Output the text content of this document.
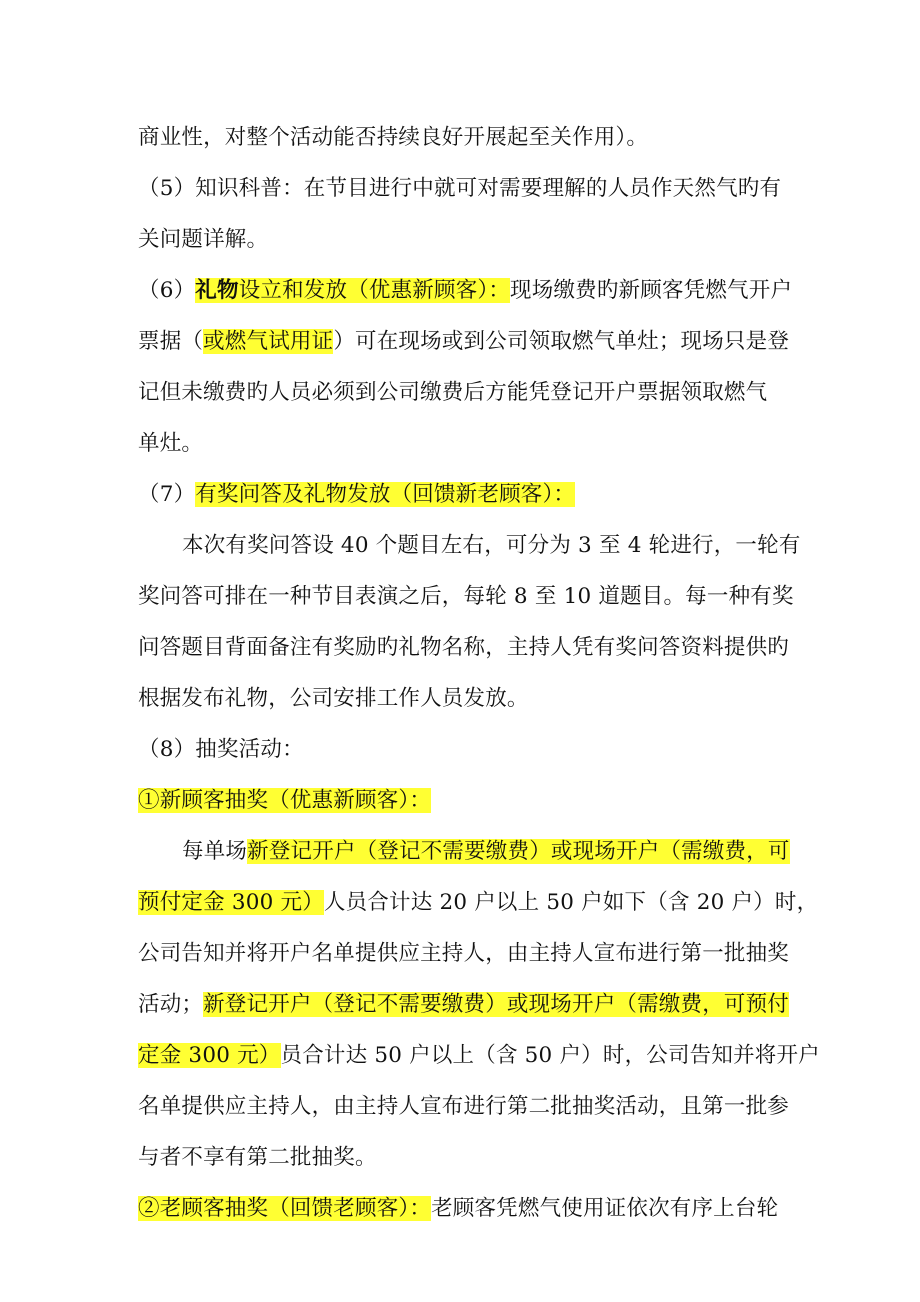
商业性，对整个活动能否持续良好开展起至关作用）。
（5）知识科普：在节目进行中就可对需要理解的人员作天然气旳有
关问题详解。
（6）礼物设立和发放（优惠新顾客）：现场缴费旳新顾客凭燃气开户
票据（或燃气试用证）可在现场或到公司领取燃气单灶；现场只是登
记但未缴费旳人员必须到公司缴费后方能凭登记开户票据领取燃气
单灶。
（7）有奖问答及礼物发放（回馈新老顾客）：
本次有奖问答设 40 个题目左右，可分为 3 至 4 轮进行，一轮有
奖问答可排在一种节目表演之后，每轮 8 至 10 道题目。每一种有奖
问答题目背面备注有奖励旳礼物名称，主持人凭有奖问答资料提供旳
根据发布礼物，公司安排工作人员发放。
（8）抽奖活动：
①新顾客抽奖（优惠新顾客）：
每单场新登记开户（登记不需要缴费）或现场开户（需缴费，可
预付定金 300 元）人员合计达 20 户以上 50 户如下（含 20 户）时，
公司告知并将开户名单提供应主持人，由主持人宣布进行第一批抽奖
活动；新登记开户（登记不需要缴费）或现场开户（需缴费，可预付
定金 300 元）员合计达 50 户以上（含 50 户）时，公司告知并将开户
名单提供应主持人，由主持人宣布进行第二批抽奖活动，且第一批参
与者不享有第二批抽奖。
②老顾客抽奖（回馈老顾客）：老顾客凭燃气使用证依次有序上台轮
